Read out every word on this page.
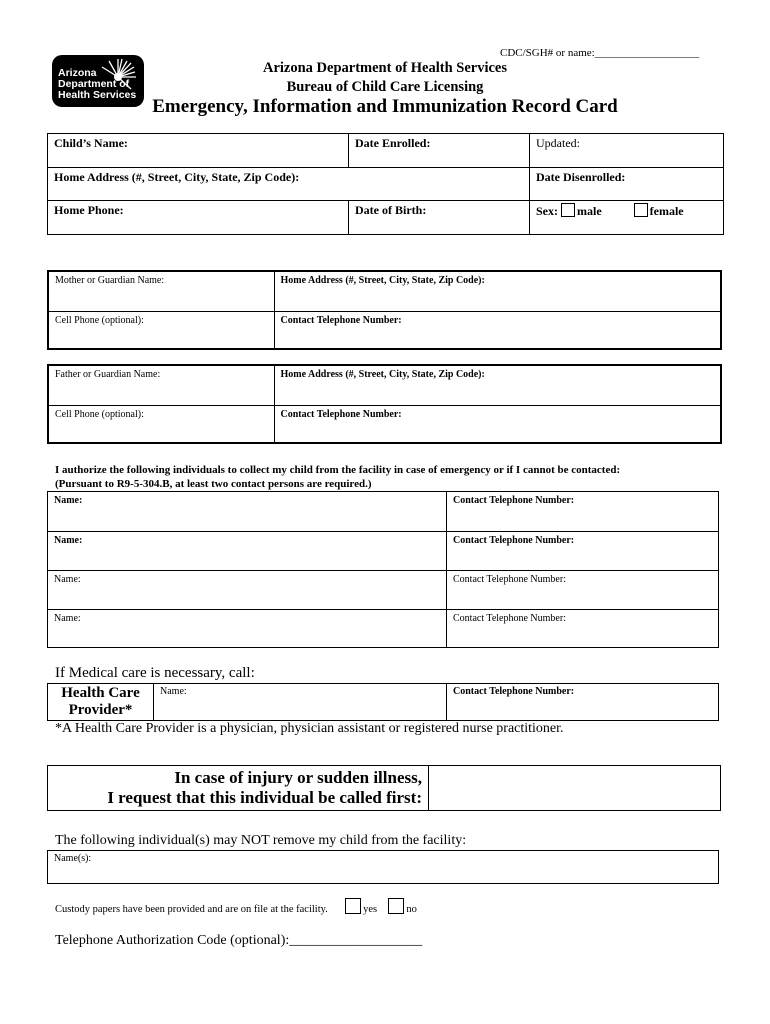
CDC/SGH# or name:___________________
Arizona
Department of
Health Services
Arizona Department of Health Services
Bureau of Child Care Licensing
Emergency, Information and Immunization Record Card
Child’s Name:	Date Enrolled:	Updated:
Home Address (#, Street, City, State, Zip Code):		Date Disenrolled:
Home Phone:	Date of Birth:	Sex: male female
Mother or Guardian Name:	Home Address (#, Street, City, State, Zip Code):
Cell Phone (optional):	Contact Telephone Number:
Father or Guardian Name:	Home Address (#, Street, City, State, Zip Code):
Cell Phone (optional):	Contact Telephone Number:
I authorize the following individuals to collect my child from the facility in case of emergency or if I cannot be contacted:
(Pursuant to R9-5-304.B, at least two contact persons are required.)
Name:	Contact Telephone Number:
Name:	Contact Telephone Number:
Name:	Contact Telephone Number:
Name:	Contact Telephone Number:
If Medical care is necessary, call:
Health Care
Provider*
	Name:	Contact Telephone Number:
*A Health Care Provider is a physician, physician assistant or registered nurse practitioner.
In case of injury or sudden illness,
I request that this individual be called first:

The following individual(s) may NOT remove my child from the facility:
Name(s):
Custody papers have been provided and are on file at the facility.	yes	no
Telephone Authorization Code (optional):___________________
